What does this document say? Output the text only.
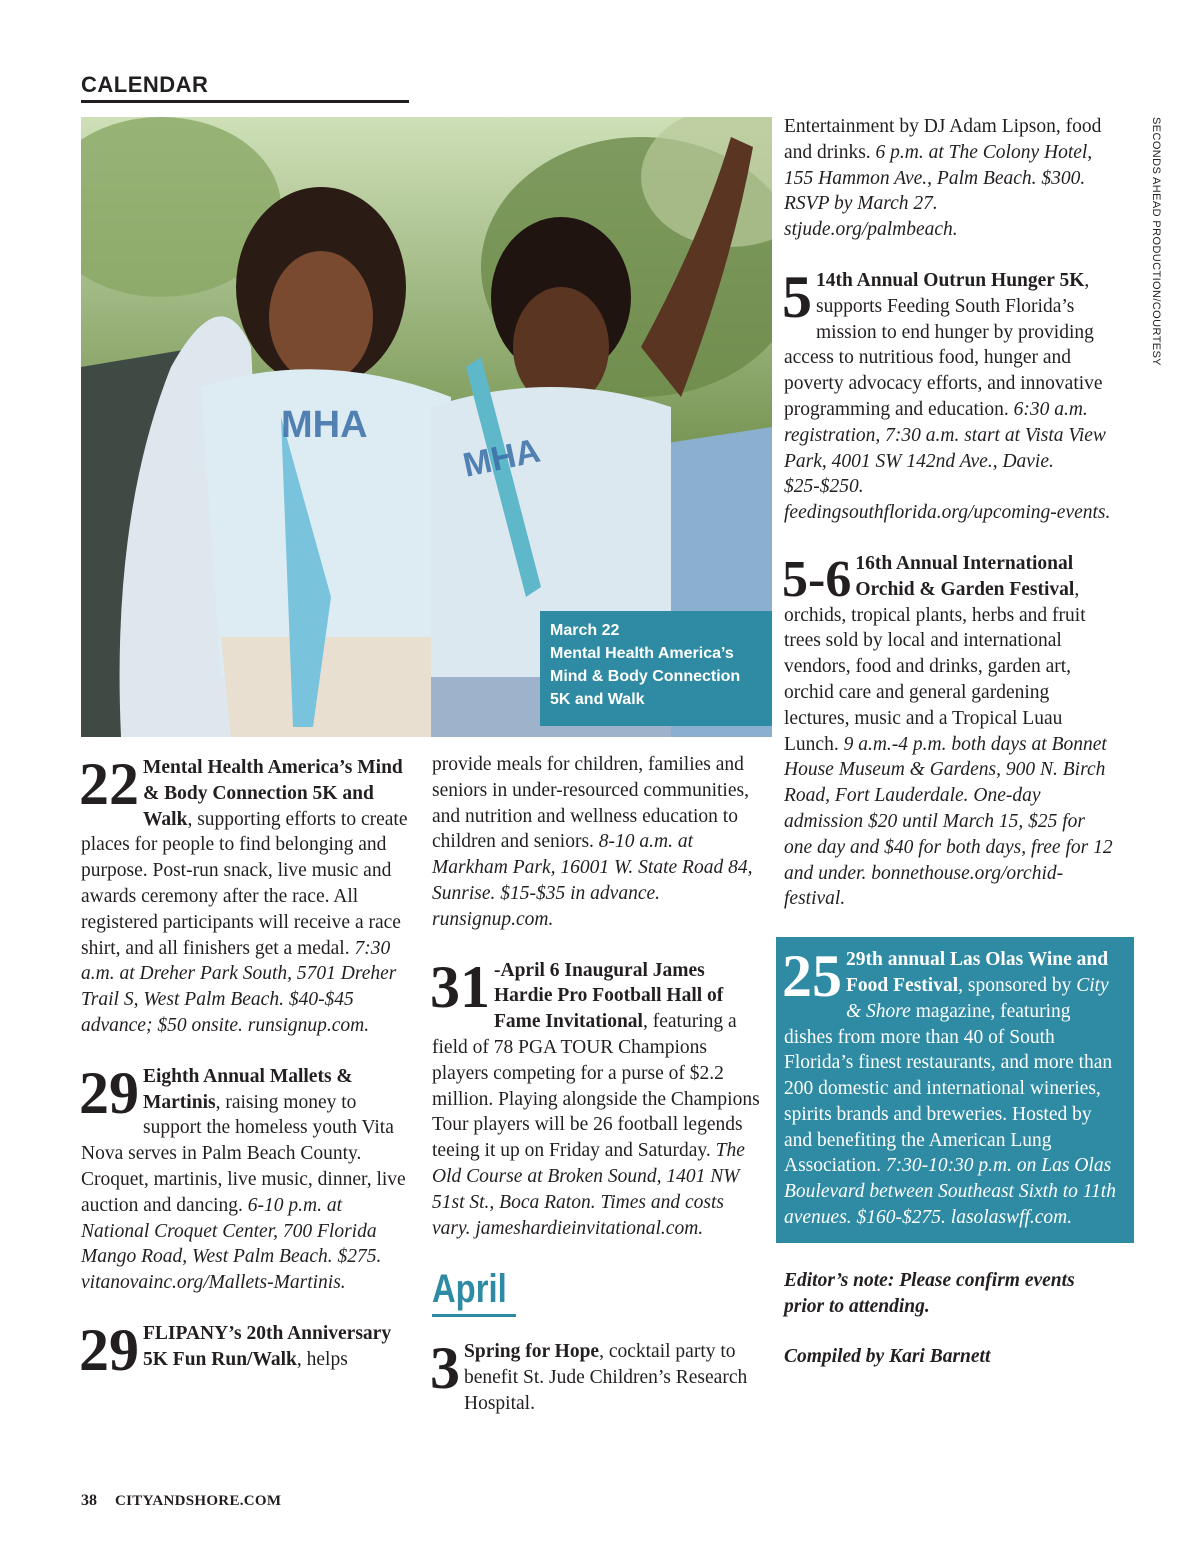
CALENDAR
MHA
MHA
March 22
Mental Health America’s
Mind & Body Connection
5K and Walk
SECONDS AHEAD PRODUCTION/COURTESY
22 Mental Health America’s Mind & Body Connection 5K and Walk, supporting efforts to create places for people to find belonging and purpose. Post-run snack, live music and awards ceremony after the race. All registered participants will receive a race shirt, and all finishers get a medal. 7:30 a.m. at Dreher Park South, 5701 Dreher Trail S, West Palm Beach. $40-$45 advance; $50 onsite. runsignup.com.
29 Eighth Annual Mallets & Martinis, raising money to support the homeless youth Vita Nova serves in Palm Beach County. Croquet, martinis, live music, dinner, live auction and dancing. 6-10 p.m. at National Croquet Center, 700 Florida Mango Road, West Palm Beach. $275. vitanovainc.org/Mallets-Martinis.
29 FLIPANY’s 20th Anniversary 5K Fun Run/Walk, helps
provide meals for children, families and seniors in under-resourced communities, and nutrition and wellness education to children and seniors. 8-10 a.m. at Markham Park, 16001 W. State Road 84, Sunrise. $15-$35 in advance. runsignup.com.
31 -April 6 Inaugural James Hardie Pro Football Hall of Fame Invitational, featuring a field of 78 PGA TOUR Champions players competing for a purse of $2.2 million. Playing alongside the Champions Tour players will be 26 football legends teeing it up on Friday and Saturday. The Old Course at Broken Sound, 1401 NW 51st St., Boca Raton. Times and costs vary. jameshardieinvitational.com.
April
3 Spring for Hope, cocktail party to benefit St. Jude Children’s Research Hospital.
Entertainment by DJ Adam Lipson, food and drinks. 6 p.m. at The Colony Hotel, 155 Hammon Ave., Palm Beach. $300. RSVP by March 27. stjude.org/palmbeach.
5 14th Annual Outrun Hunger 5K, supports Feeding South Florida’s mission to end hunger by providing access to nutritious food, hunger and poverty advocacy efforts, and innovative programming and education. 6:30 a.m. registration, 7:30 a.m. start at Vista View Park, 4001 SW 142nd Ave., Davie. $25-$250. feedingsouthflorida.org/upcoming-events.
5-6 16th Annual International Orchid & Garden Festival, orchids, tropical plants, herbs and fruit trees sold by local and international vendors, food and drinks, garden art, orchid care and general gardening lectures, music and a Tropical Luau Lunch. 9 a.m.-4 p.m. both days at Bonnet House Museum & Gardens, 900 N. Birch Road, Fort Lauderdale. One-day admission $20 until March 15, $25 for one day and $40 for both days, free for 12 and under. bonnethouse.org/orchid-festival.
25 29th annual Las Olas Wine and Food Festival, sponsored by City & Shore magazine, featuring dishes from more than 40 of South Florida’s finest restaurants, and more than 200 domestic and international wineries, spirits brands and breweries. Hosted by and benefiting the American Lung Association. 7:30-10:30 p.m. on Las Olas Boulevard between Southeast Sixth to 11th avenues. $160-$275. lasolaswff.com.
Editor’s note: Please confirm events prior to attending.
Compiled by Kari Barnett
38 CITYANDSHORE.COM
